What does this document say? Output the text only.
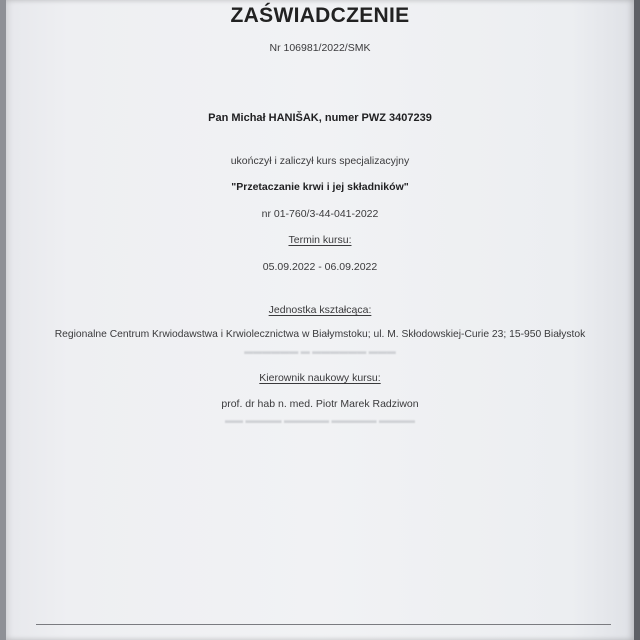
ZAŚWIADCZENIE
Nr 106981/2022/SMK
Pan Michał HANIŠAK, numer PWZ 3407239
ukończył i zaliczył kurs specjalizacyjny
"Przetaczanie krwi i jej składników"
nr 01-760/3-44-041-2022
Termin kursu:
05.09.2022 - 06.09.2022
Jednostka kształcąca:
Regionalne Centrum Krwiodawstwa i Krwiolecznictwa w Białymstoku; ul. M. Skłodowskiej-Curie 23; 15-950 Białystok
▬▬▬▬▬▬ ▬ ▬▬▬▬▬▬ ▬▬▬
Kierownik naukowy kursu:
prof. dr hab n. med. Piotr Marek Radziwon
▬▬ ▬▬▬▬ ▬▬▬▬▬ ▬▬▬▬▬ ▬▬▬▬
